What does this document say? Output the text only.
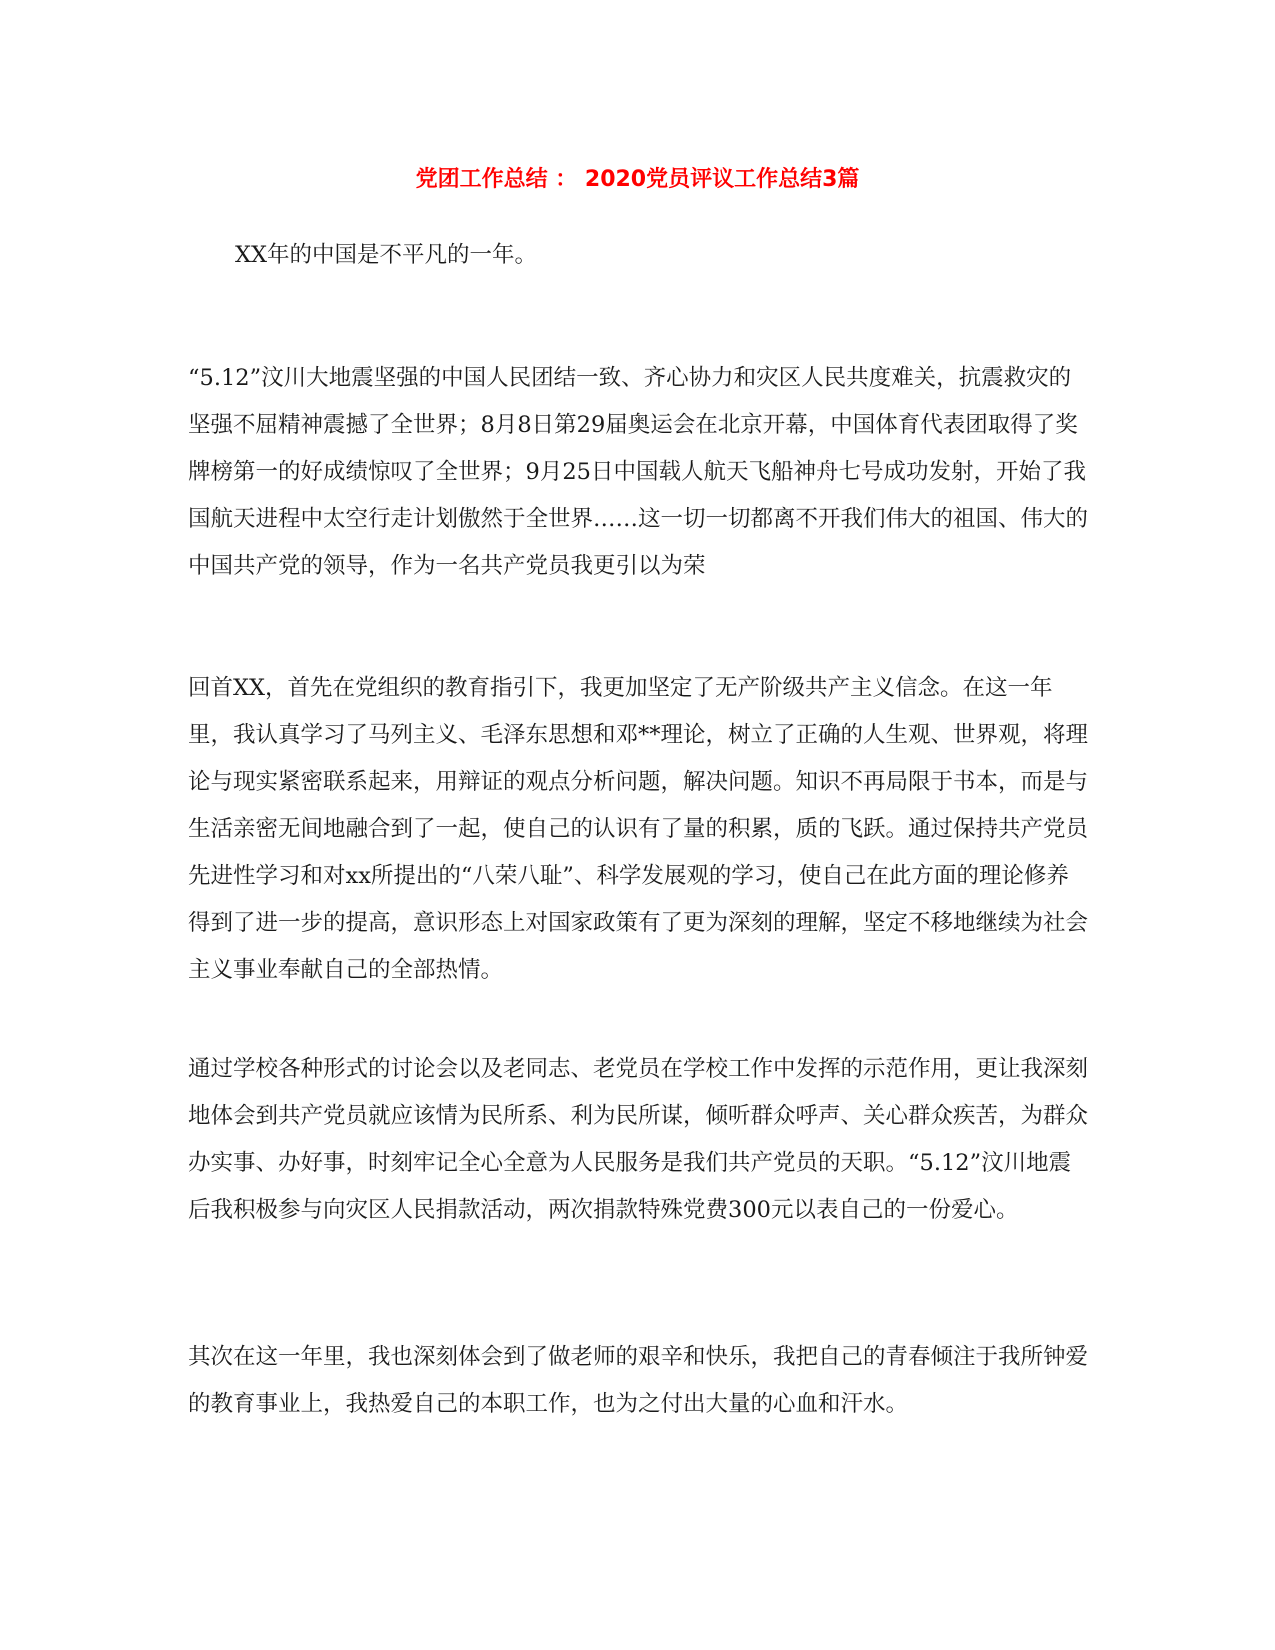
党团工作总结 ： 2020党员评议工作总结3篇

XX年的中国是不平凡的一年。

“5.12”汶川大地震坚强的中国人民团结一致、齐心协力和灾区人民共度难关，抗震救灾的坚强不屈精神震撼了全世界；8月8日第29届奥运会在北京开幕，中国体育代表团取得了奖牌榜第一的好成绩惊叹了全世界；9月25日中国载人航天飞船神舟七号成功发射，开始了我国航天进程中太空行走计划傲然于全世界……这一切一切都离不开我们伟大的祖国、伟大的中国共产党的领导，作为一名共产党员我更引以为荣

回首XX，首先在党组织的教育指引下，我更加坚定了无产阶级共产主义信念。在这一年里，我认真学习了马列主义、毛泽东思想和邓**理论，树立了正确的人生观、世界观，将理论与现实紧密联系起来，用辩证的观点分析问题，解决问题。知识不再局限于书本，而是与生活亲密无间地融合到了一起，使自己的认识有了量的积累，质的飞跃。通过保持共产党员先进性学习和对xx所提出的“八荣八耻”、科学发展观的学习，使自己在此方面的理论修养得到了进一步的提高，意识形态上对国家政策有了更为深刻的理解，坚定不移地继续为社会主义事业奉献自己的全部热情。

通过学校各种形式的讨论会以及老同志、老党员在学校工作中发挥的示范作用，更让我深刻地体会到共产党员就应该情为民所系、利为民所谋，倾听群众呼声、关心群众疾苦，为群众办实事、办好事，时刻牢记全心全意为人民服务是我们共产党员的天职。“5.12”汶川地震后我积极参与向灾区人民捐款活动，两次捐款特殊党费300元以表自己的一份爱心。

其次在这一年里，我也深刻体会到了做老师的艰辛和快乐，我把自己的青春倾注于我所钟爱的教育事业上，我热爱自己的本职工作，也为之付出大量的心血和汗水。
